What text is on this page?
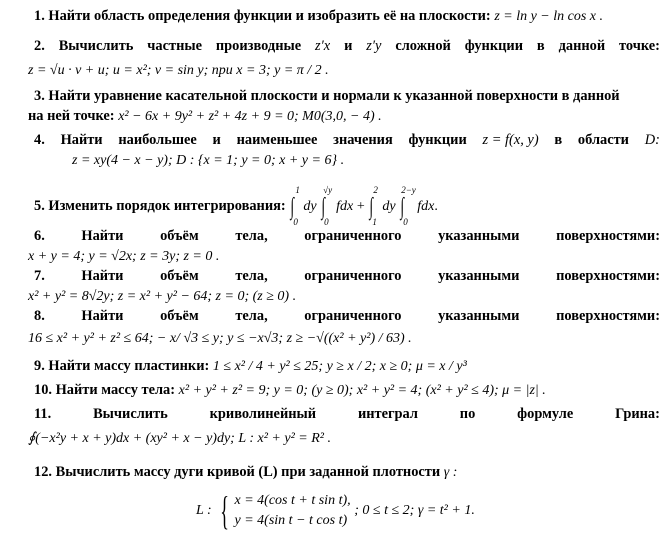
1. Найти область определения функции и изобразить её на плоскости: z = ln y − ln cos x .
2. Вычислить частные производные z′x и z′y сложной функции в данной точке:
z = √u · v + u; u = x²; v = sin y; при x = 3; y = π / 2 .
3. Найти уравнение касательной плоскости и нормали к указанной поверхности в данной
на ней точке: x² − 6x + 9y² + z² + 4z + 9 = 0; M0(3,0, − 4) .
4. Найти наибольшее и наименьшее значения функции z = f(x, y) в области D:
z = xy(4 − x − y); D : {x = 1; y = 0; x + y = 6} .
5. Изменить порядок интегрирования:
1
∫
0
dy
√y
∫
0
fdx +
2
∫
1
dy
2−y
∫
0
fdx.
6.	Найти	объём	тела,	ограниченного	указанными	поверхностями:
x + y = 4; y = √2x; z = 3y; z = 0 .
7.	Найти	объём	тела,	ограниченного	указанными	поверхностями:
x² + y² = 8√2y; z = x² + y² − 64; z = 0; (z ≥ 0) .
8.	Найти	объём	тела,	ограниченного	указанными	поверхностями:
16 ≤ x² + y² + z² ≤ 64; − x/ √3 ≤ y; y ≤ −x√3; z ≥ −√((x² + y²) / 63) .
9. Найти массу пластинки: 1 ≤ x² / 4 + y² ≤ 25; y ≥ x / 2; x ≥ 0; μ = x / y³
10. Найти массу тела: x² + y² + z² = 9; y = 0; (y ≥ 0); x² + y² = 4; (x² + y² ≤ 4); μ = |z| .
11.	Вычислить	криволинейный	интеграл	по	формуле	Грина:
∮(−x²y + x + y)dx + (xy² + x − y)dy; L : x² + y² = R² .
12. Вычислить массу дуги кривой (L) при заданной плотности γ :
L : { x = 4(cos t + t sin t),
y = 4(sin t − t cos t)
; 0 ≤ t ≤ 2; γ = t² + 1.
